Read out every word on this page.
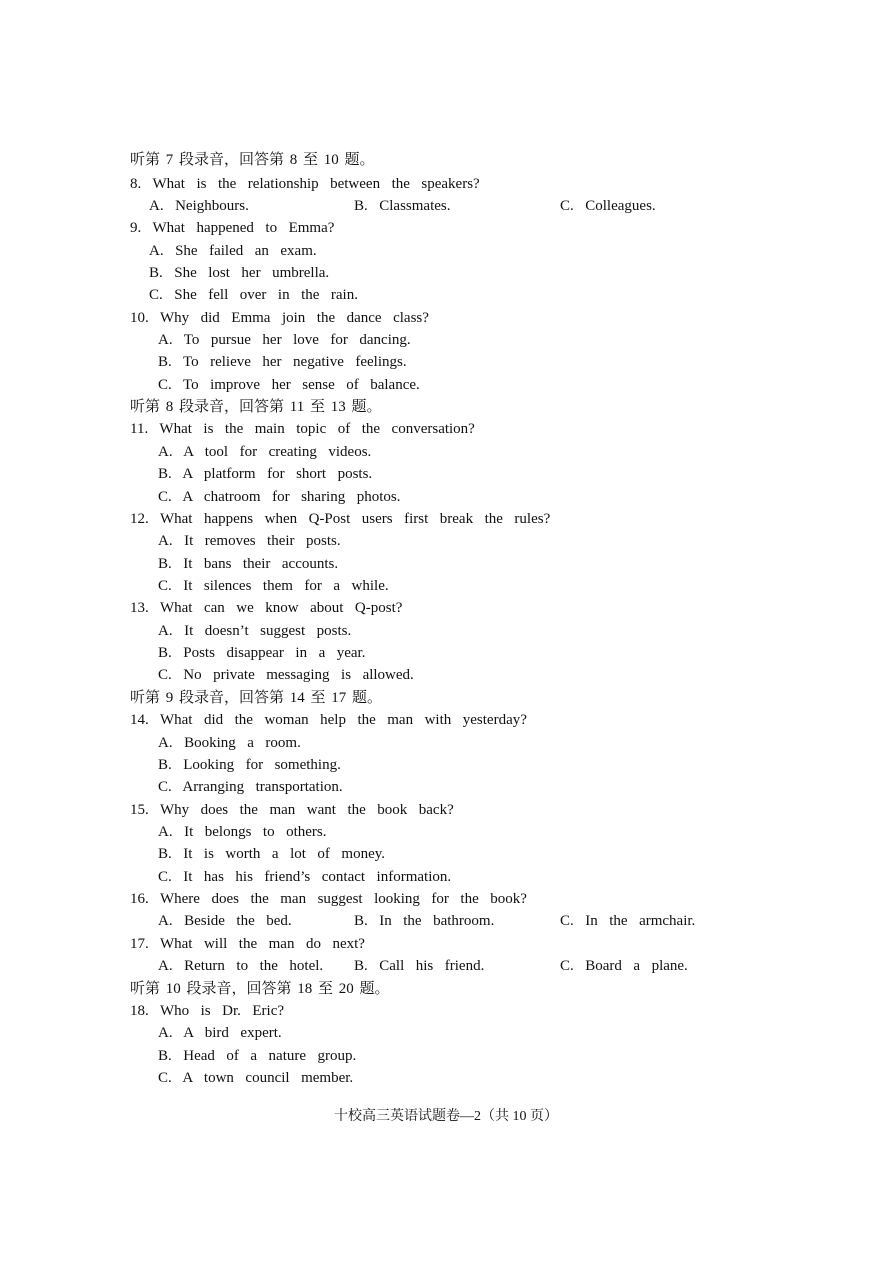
听第 7 段录音，回答第 8 至 10 题。
8.  What  is  the  relationship  between  the  speakers?
A.  Neighbours.	B.  Classmates.	C.  Colleagues.
9.  What  happened  to  Emma?
A.  She  failed  an  exam.
B.  She  lost  her  umbrella.
C.  She  fell  over  in  the  rain.
10.  Why  did  Emma  join  the  dance  class?
A.  To  pursue  her  love  for  dancing.
B.  To  relieve  her  negative  feelings.
C.  To  improve  her  sense  of  balance.
听第 8 段录音，回答第 11 至 13 题。
11.  What  is  the  main  topic  of  the  conversation?
A.  A  tool  for  creating  videos.
B.  A  platform  for  short  posts.
C.  A  chatroom  for  sharing  photos.
12.  What  happens  when  Q-Post  users  first  break  the  rules?
A.  It  removes  their  posts.
B.  It  bans  their  accounts.
C.  It  silences  them  for  a  while.
13.  What  can  we  know  about  Q-post?
A.  It  doesn’t  suggest  posts.
B.  Posts  disappear  in  a  year.
C.  No  private  messaging  is  allowed.
听第 9 段录音，回答第 14 至 17 题。
14.  What  did  the  woman  help  the  man  with  yesterday?
A.  Booking  a  room.
B.  Looking  for  something.
C.  Arranging  transportation.
15.  Why  does  the  man  want  the  book  back?
A.  It  belongs  to  others.
B.  It  is  worth  a  lot  of  money.
C.  It  has  his  friend’s  contact  information.
16.  Where  does  the  man  suggest  looking  for  the  book?
A.  Beside  the  bed.	B.  In  the  bathroom.	C.  In  the  armchair.
17.  What  will  the  man  do  next?
A.  Return  to  the  hotel. B.  Call  his  friend.	C.  Board  a  plane.
听第 10 段录音，回答第 18 至 20 题。
18.  Who  is  Dr.  Eric?
A.  A  bird  expert.
B.  Head  of  a  nature  group.
C.  A  town  council  member.
十校高三英语试题卷—2（共 10 页）
